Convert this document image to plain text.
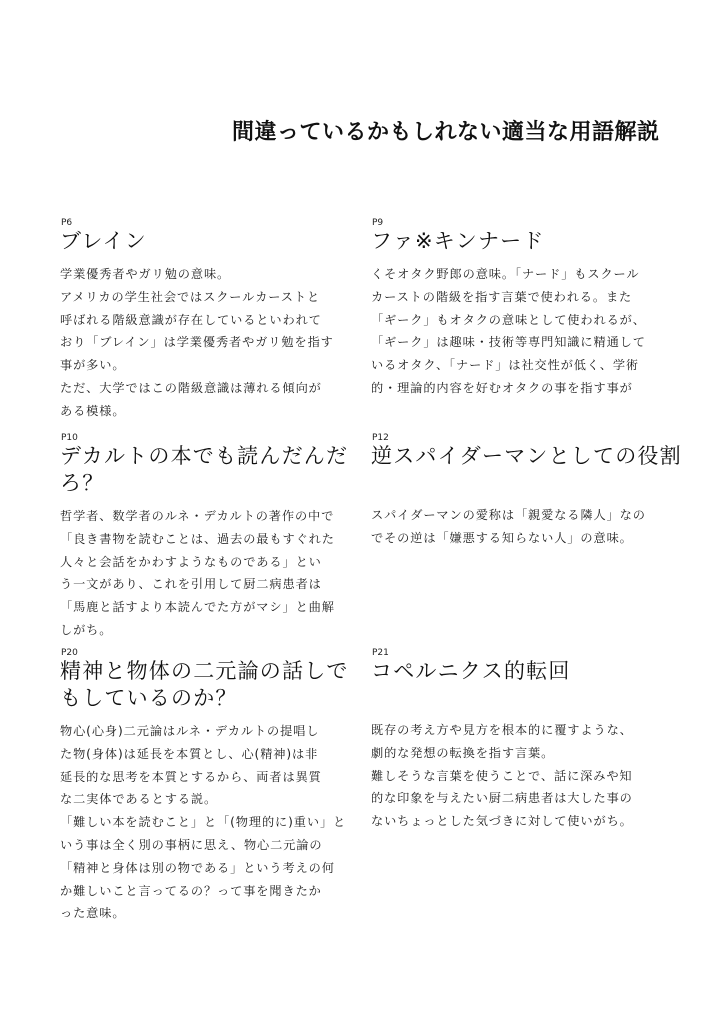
間違っているかもしれない適当な用語解説
P6
ブレイン
学業優秀者やガリ勉の意味。
アメリカの学生社会ではスクールカーストと
呼ばれる階級意識が存在しているといわれて
おり「ブレイン」は学業優秀者やガリ勉を指す
事が多い。
ただ、大学ではこの階級意識は薄れる傾向が
ある模様。
P9
ファ※キンナード
くそオタク野郎の意味。「ナード」もスクール
カーストの階級を指す言葉で使われる。また
「ギーク」もオタクの意味として使われるが、
「ギーク」は趣味・技術等専門知識に精通して
いるオタク、「ナード」は社交性が低く、学術
的・理論的内容を好むオタクの事を指す事が
P10
デカルトの本でも読んだんだ
ろ？
哲学者、数学者のルネ・デカルトの著作の中で
「良き書物を読むことは、過去の最もすぐれた
人々と会話をかわすようなものである」とい
う一文があり、これを引用して厨二病患者は
「馬鹿と話すより本読んでた方がマシ」と曲解
しがち。
P12
逆スパイダーマンとしての役割
スパイダーマンの愛称は「親愛なる隣人」なの
でその逆は「嫌悪する知らない人」の意味。
P20
精神と物体の二元論の話しで
もしているのか？
物心(心身)二元論はルネ・デカルトの提唱し
た物(身体)は延長を本質とし、心(精神)は非
延長的な思考を本質とするから、両者は異質
な二実体であるとする説。
「難しい本を読むこと」と「(物理的に)重い」と
いう事は全く別の事柄に思え、物心二元論の
「精神と身体は別の物である」という考えの何
か難しいこと言ってるの？って事を聞きたか
った意味。
P21
コペルニクス的転回
既存の考え方や見方を根本的に覆すような、
劇的な発想の転換を指す言葉。
難しそうな言葉を使うことで、話に深みや知
的な印象を与えたい厨二病患者は大した事の
ないちょっとした気づきに対して使いがち。
